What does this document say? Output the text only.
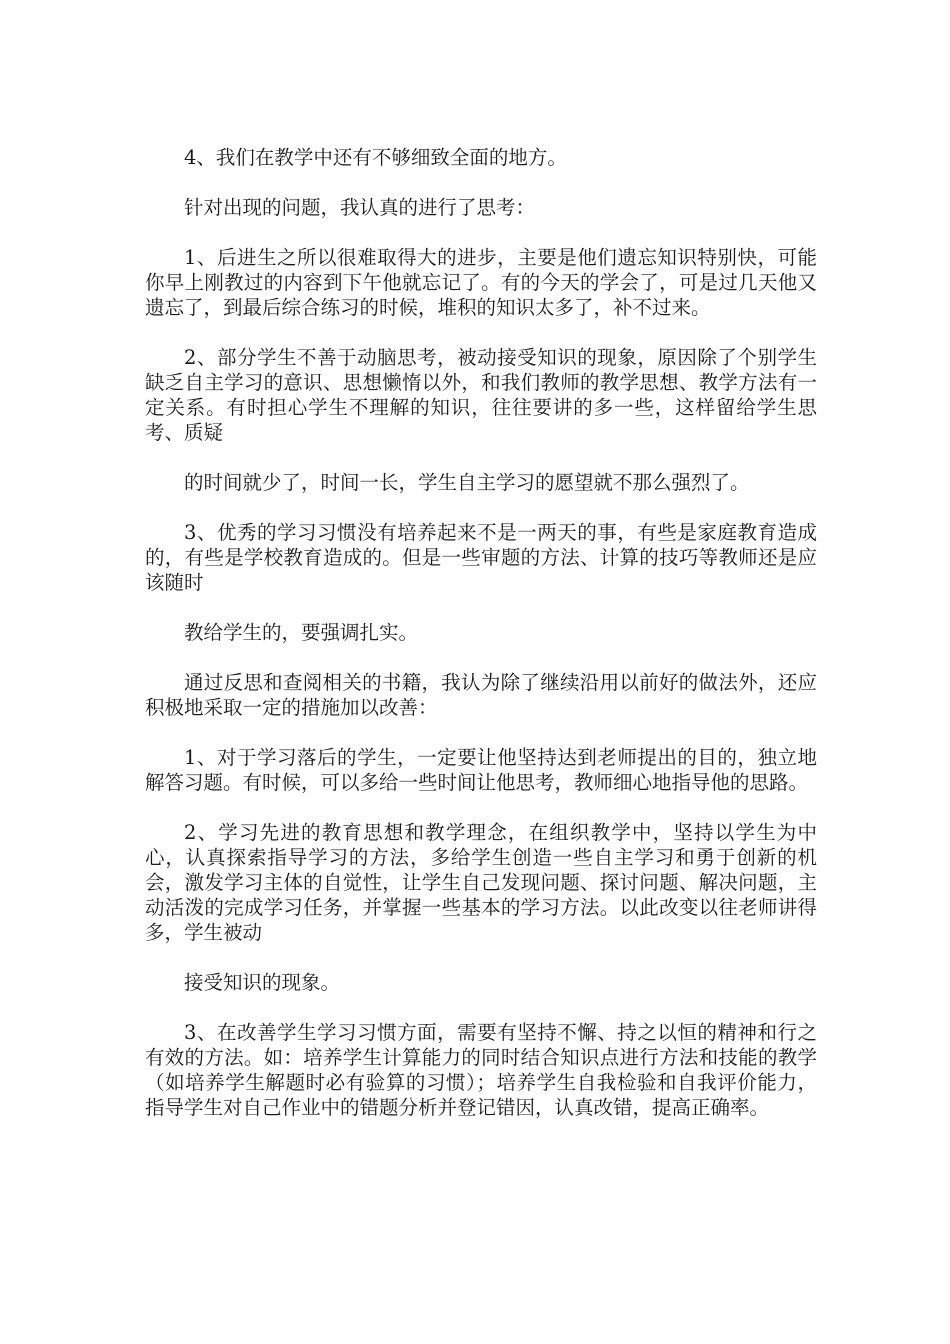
4、我们在教学中还有不够细致全面的地方。

针对出现的问题，我认真的进行了思考：

1、后进生之所以很难取得大的进步，主要是他们遗忘知识特别快，可能你早上刚教过的内容到下午他就忘记了。有的今天的学会了，可是过几天他又遗忘了，到最后综合练习的时候，堆积的知识太多了，补不过来。

2、部分学生不善于动脑思考，被动接受知识的现象，原因除了个别学生缺乏自主学习的意识、思想懒惰以外，和我们教师的教学思想、教学方法有一定关系。有时担心学生不理解的知识，往往要讲的多一些，这样留给学生思考、质疑

的时间就少了，时间一长，学生自主学习的愿望就不那么强烈了。

3、优秀的学习习惯没有培养起来不是一两天的事，有些是家庭教育造成的，有些是学校教育造成的。但是一些审题的方法、计算的技巧等教师还是应该随时

教给学生的，要强调扎实。

通过反思和查阅相关的书籍，我认为除了继续沿用以前好的做法外，还应积极地采取一定的措施加以改善：

1、对于学习落后的学生，一定要让他坚持达到老师提出的目的，独立地解答习题。有时候，可以多给一些时间让他思考，教师细心地指导他的思路。

2、学习先进的教育思想和教学理念，在组织教学中，坚持以学生为中心，认真探索指导学习的方法，多给学生创造一些自主学习和勇于创新的机会，激发学习主体的自觉性，让学生自己发现问题、探讨问题、解决问题，主动活泼的完成学习任务，并掌握一些基本的学习方法。以此改变以往老师讲得多，学生被动

接受知识的现象。

3、在改善学生学习习惯方面，需要有坚持不懈、持之以恒的精神和行之有效的方法。如：培养学生计算能力的同时结合知识点进行方法和技能的教学（如培养学生解题时必有验算的习惯）；培养学生自我检验和自我评价能力，指导学生对自己作业中的错题分析并登记错因，认真改错，提高正确率。
